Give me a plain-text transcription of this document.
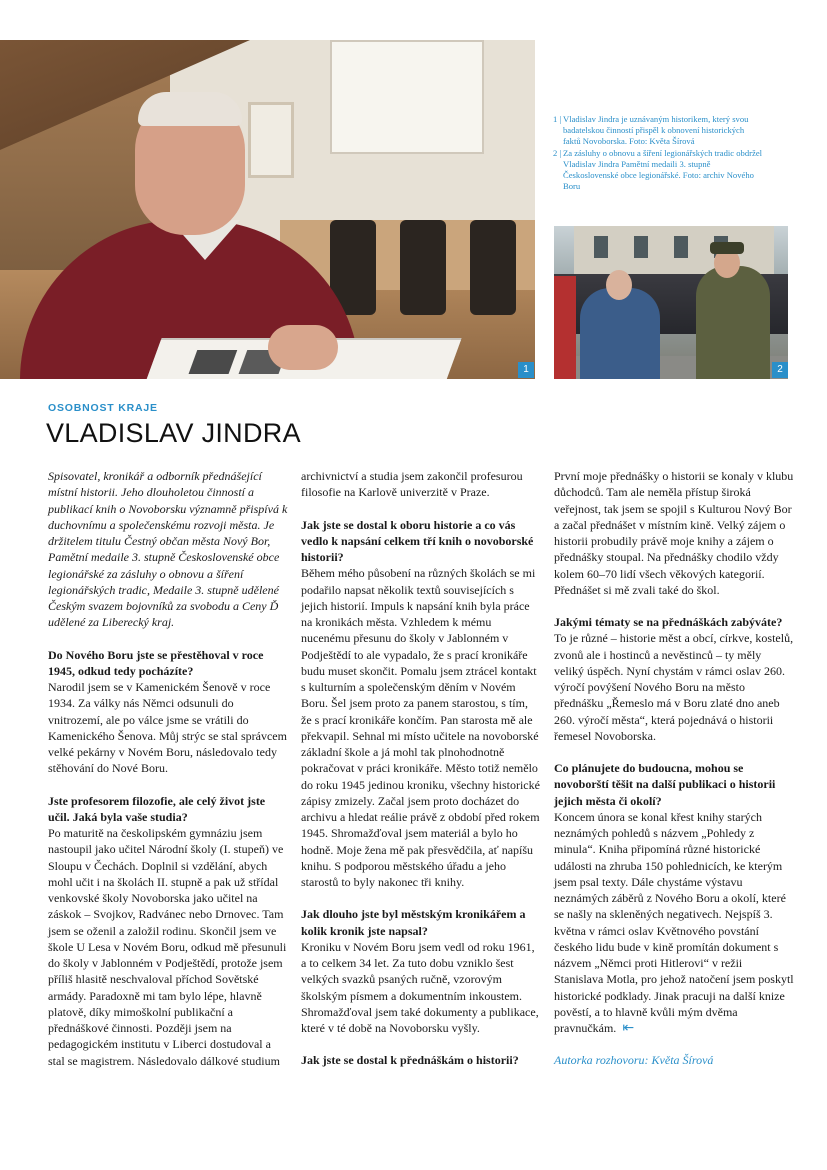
1

1 | Vladislav Jindra je uznávaným historikem, který svou badatelskou činností přispěl k obnovení historických faktů Novoborska. Foto: Květa Šírová

2 | Za zásluhy o obnovu a šíření legionářských tradic obdržel Vladislav Jindra Pamětní medaili 3. stupně Československé obce legionářské. Foto: archiv Nového Boru

2
OSOBNOST KRAJE
VLADISLAV JINDRA

Spisovatel, kronikář a odborník přednášející místní historii. Jeho dlouholetou činností a publikací knih o Novoborsku významně přispívá k duchovnímu a společenskému rozvoji města. Je držitelem titulu Čestný občan města Nový Bor, Pamětní medaile 3. stupně Československé obce legionářské za zásluhy o obnovu a šíření legionářských tradic, Medaile 3. stupně udělené Českým svazem bojovníků za svobodu a Ceny Ď udělené za Liberecký kraj.

Do Nového Boru jste se přestěhoval v roce 1945, odkud tedy pocházíte?
Narodil jsem se v Kamenickém Šenově v roce 1934. Za války nás Němci odsunuli do vnitrozemí, ale po válce jsme se vrátili do Kamenického Šenova. Můj strýc se stal správcem velké pekárny v Novém Boru, následovalo tedy stěhování do Nové Boru.

Jste profesorem filozofie, ale celý život jste učil. Jaká byla vaše studia?
Po maturitě na českolipském gymnáziu jsem nastoupil jako učitel Národní školy (I. stupeň) ve Sloupu v Čechách. Doplnil si vzdělání, abych mohl učit i na školách II. stupně a pak už střídal venkovské školy Novoborska jako učitel na záskok – Svojkov, Radvánec nebo Drnovec. Tam jsem se oženil a založil rodinu. Skončil jsem ve škole U Lesa v Novém Boru, odkud mě přesunuli do školy v Jablonném v Podještědí, protože jsem příliš hlasitě neschvaloval příchod Sovětské armády. Paradoxně mi tam bylo lépe, hlavně platově, díky mimoškolní publikační a přednáškové činnosti. Později jsem na pedagogickém institutu v Liberci dostudoval a stal se magistrem. Následovalo dálkové studium

archivnictví a studia jsem zakončil profesurou filosofie na Karlově univerzitě v Praze.

Jak jste se dostal k oboru historie a co vás vedlo k napsání celkem tří knih o novoborské historii?
Během mého působení na různých školách se mi podařilo napsat několik textů souvisejících s jejich historií. Impuls k napsání knih byla práce na kronikách města. Vzhledem k mému nucenému přesunu do školy v Jablonném v Podještědí to ale vypadalo, že s prací kronikáře budu muset skončit. Pomalu jsem ztrácel kontakt s kulturním a společenským děním v Novém Boru. Šel jsem proto za panem starostou, s tím, že s prací kronikáře končím. Pan starosta mě ale překvapil. Sehnal mi místo učitele na novoborské základní škole a já mohl tak plnohodnotně pokračovat v práci kronikáře. Město totiž nemělo do roku 1945 jedinou kroniku, všechny historické zápisy zmizely. Začal jsem proto docházet do archivu a hledat reálie právě z období před rokem 1945. Shromažďoval jsem materiál a bylo ho hodně. Moje žena mě pak přesvědčila, ať napíšu knihu. S podporou městského úřadu a jeho starostů to byly nakonec tři knihy.

Jak dlouho jste byl městským kronikářem a kolik kronik jste napsal?
Kroniku v Novém Boru jsem vedl od roku 1961, a to celkem 34 let. Za tuto dobu vzniklo šest velkých svazků psaných ručně, vzorovým školským písmem a dokumentním inkoustem. Shromažďoval jsem také dokumenty a publikace, které v té době na Novoborsku vyšly.

Jak jste se dostal k přednáškám o historii?

První moje přednášky o historii se konaly v klubu důchodců. Tam ale neměla přístup široká veřejnost, tak jsem se spojil s Kulturou Nový Bor a začal přednášet v místním kině. Velký zájem o historii probudily právě moje knihy a zájem o přednášky stoupal. Na přednášky chodilo vždy kolem 60–70 lidí všech věkových kategorií. Přednášet si mě zvali také do škol.

Jakými tématy se na přednáškách zabýváte?
To je různé – historie měst a obcí, církve, kostelů, zvonů ale i hostinců a nevěstinců – ty měly veliký úspěch. Nyní chystám v rámci oslav 260. výročí povýšení Nového Boru na město přednášku „Řemeslo má v Boru zlaté dno aneb 260. výročí města“, která pojednává o historii řemesel Novoborska.

Co plánujete do budoucna, mohou se novoborští těšit na další publikaci o historii jejich města či okolí?
Koncem února se konal křest knihy starých neznámých pohledů s názvem „Pohledy z minula“. Kniha připomíná různé historické události na zhruba 150 pohlednicích, ke kterým jsem psal texty. Dále chystáme výstavu neznámých záběrů z Nového Boru a okolí, které se našly na skleněných negativech. Nejspíš 3. května v rámci oslav Květnového povstání českého lidu bude v kině promítán dokument s názvem „Němci proti Hitlerovi“ v režii Stanislava Motla, pro jehož natočení jsem poskytl historické podklady. Jinak pracuji na další knize pověstí, a to hlavně kvůli mým dvěma pravnučkám. ⇤

Autorka rozhovoru: Květa Šírová
